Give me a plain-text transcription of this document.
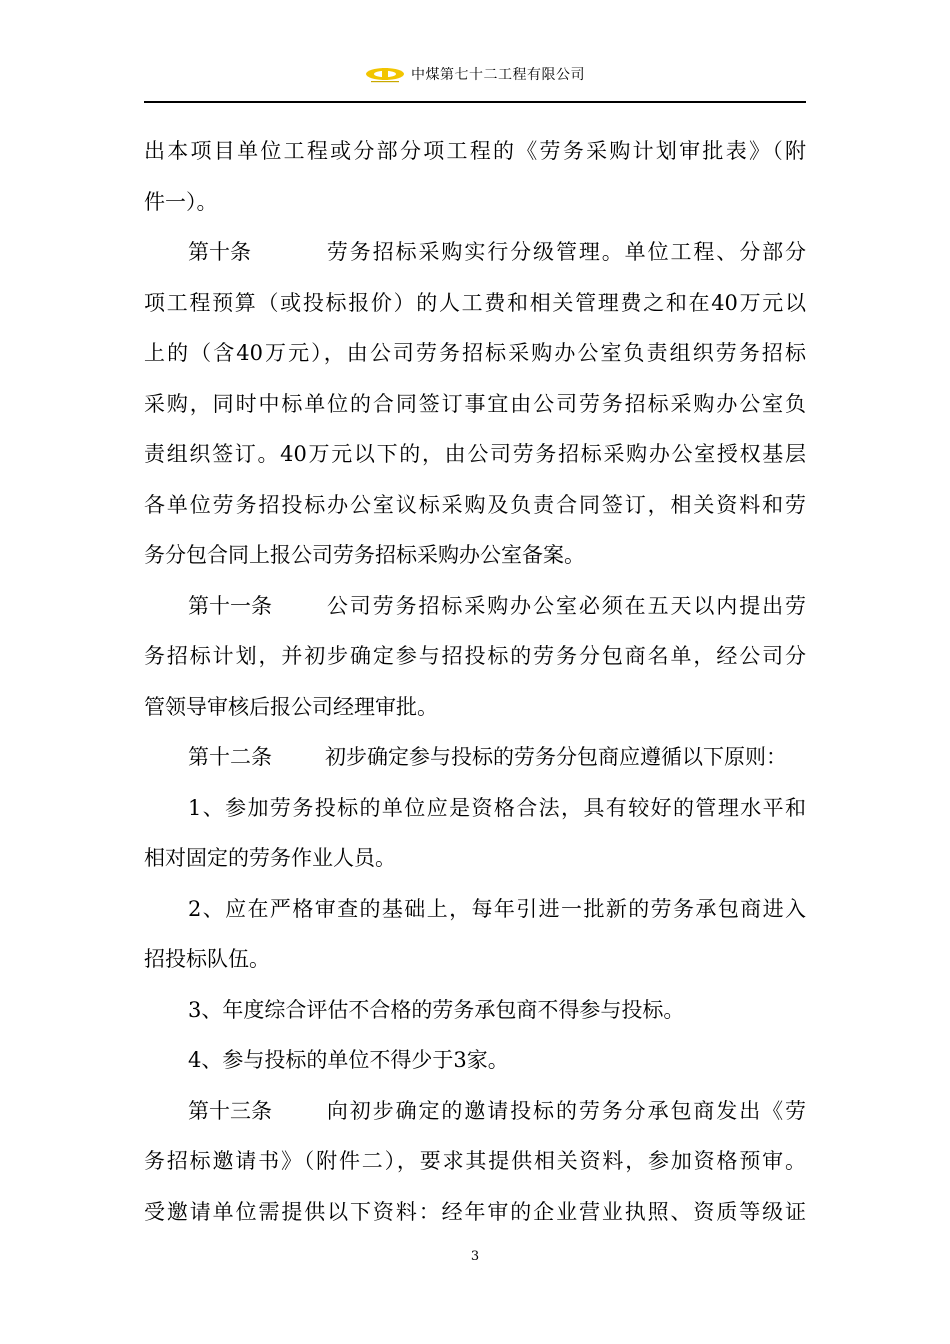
中煤第七十二工程有限公司
出本项目单位工程或分部分项工程的《劳务采购计划审批表》（附
件一）。
第十条	劳务招标采购实行分级管理。单位工程、分部分
项工程预算（或投标报价）的人工费和相关管理费之和在40万元以
上的（含40万元），由公司劳务招标采购办公室负责组织劳务招标
采购，同时中标单位的合同签订事宜由公司劳务招标采购办公室负
责组织签订。40万元以下的，由公司劳务招标采购办公室授权基层
各单位劳务招投标办公室议标采购及负责合同签订，相关资料和劳
务分包合同上报公司劳务招标采购办公室备案。
第十一条	公司劳务招标采购办公室必须在五天以内提出劳
务招标计划，并初步确定参与招投标的劳务分包商名单，经公司分
管领导审核后报公司经理审批。
第十二条	初步确定参与投标的劳务分包商应遵循以下原则：
1、参加劳务投标的单位应是资格合法，具有较好的管理水平和
相对固定的劳务作业人员。
2、应在严格审查的基础上，每年引进一批新的劳务承包商进入
招投标队伍。
3、年度综合评估不合格的劳务承包商不得参与投标。
4、参与投标的单位不得少于3家。
第十三条	向初步确定的邀请投标的劳务分承包商发出《劳
务招标邀请书》（附件二），要求其提供相关资料，参加资格预审。
受邀请单位需提供以下资料：经年审的企业营业执照、资质等级证
3
